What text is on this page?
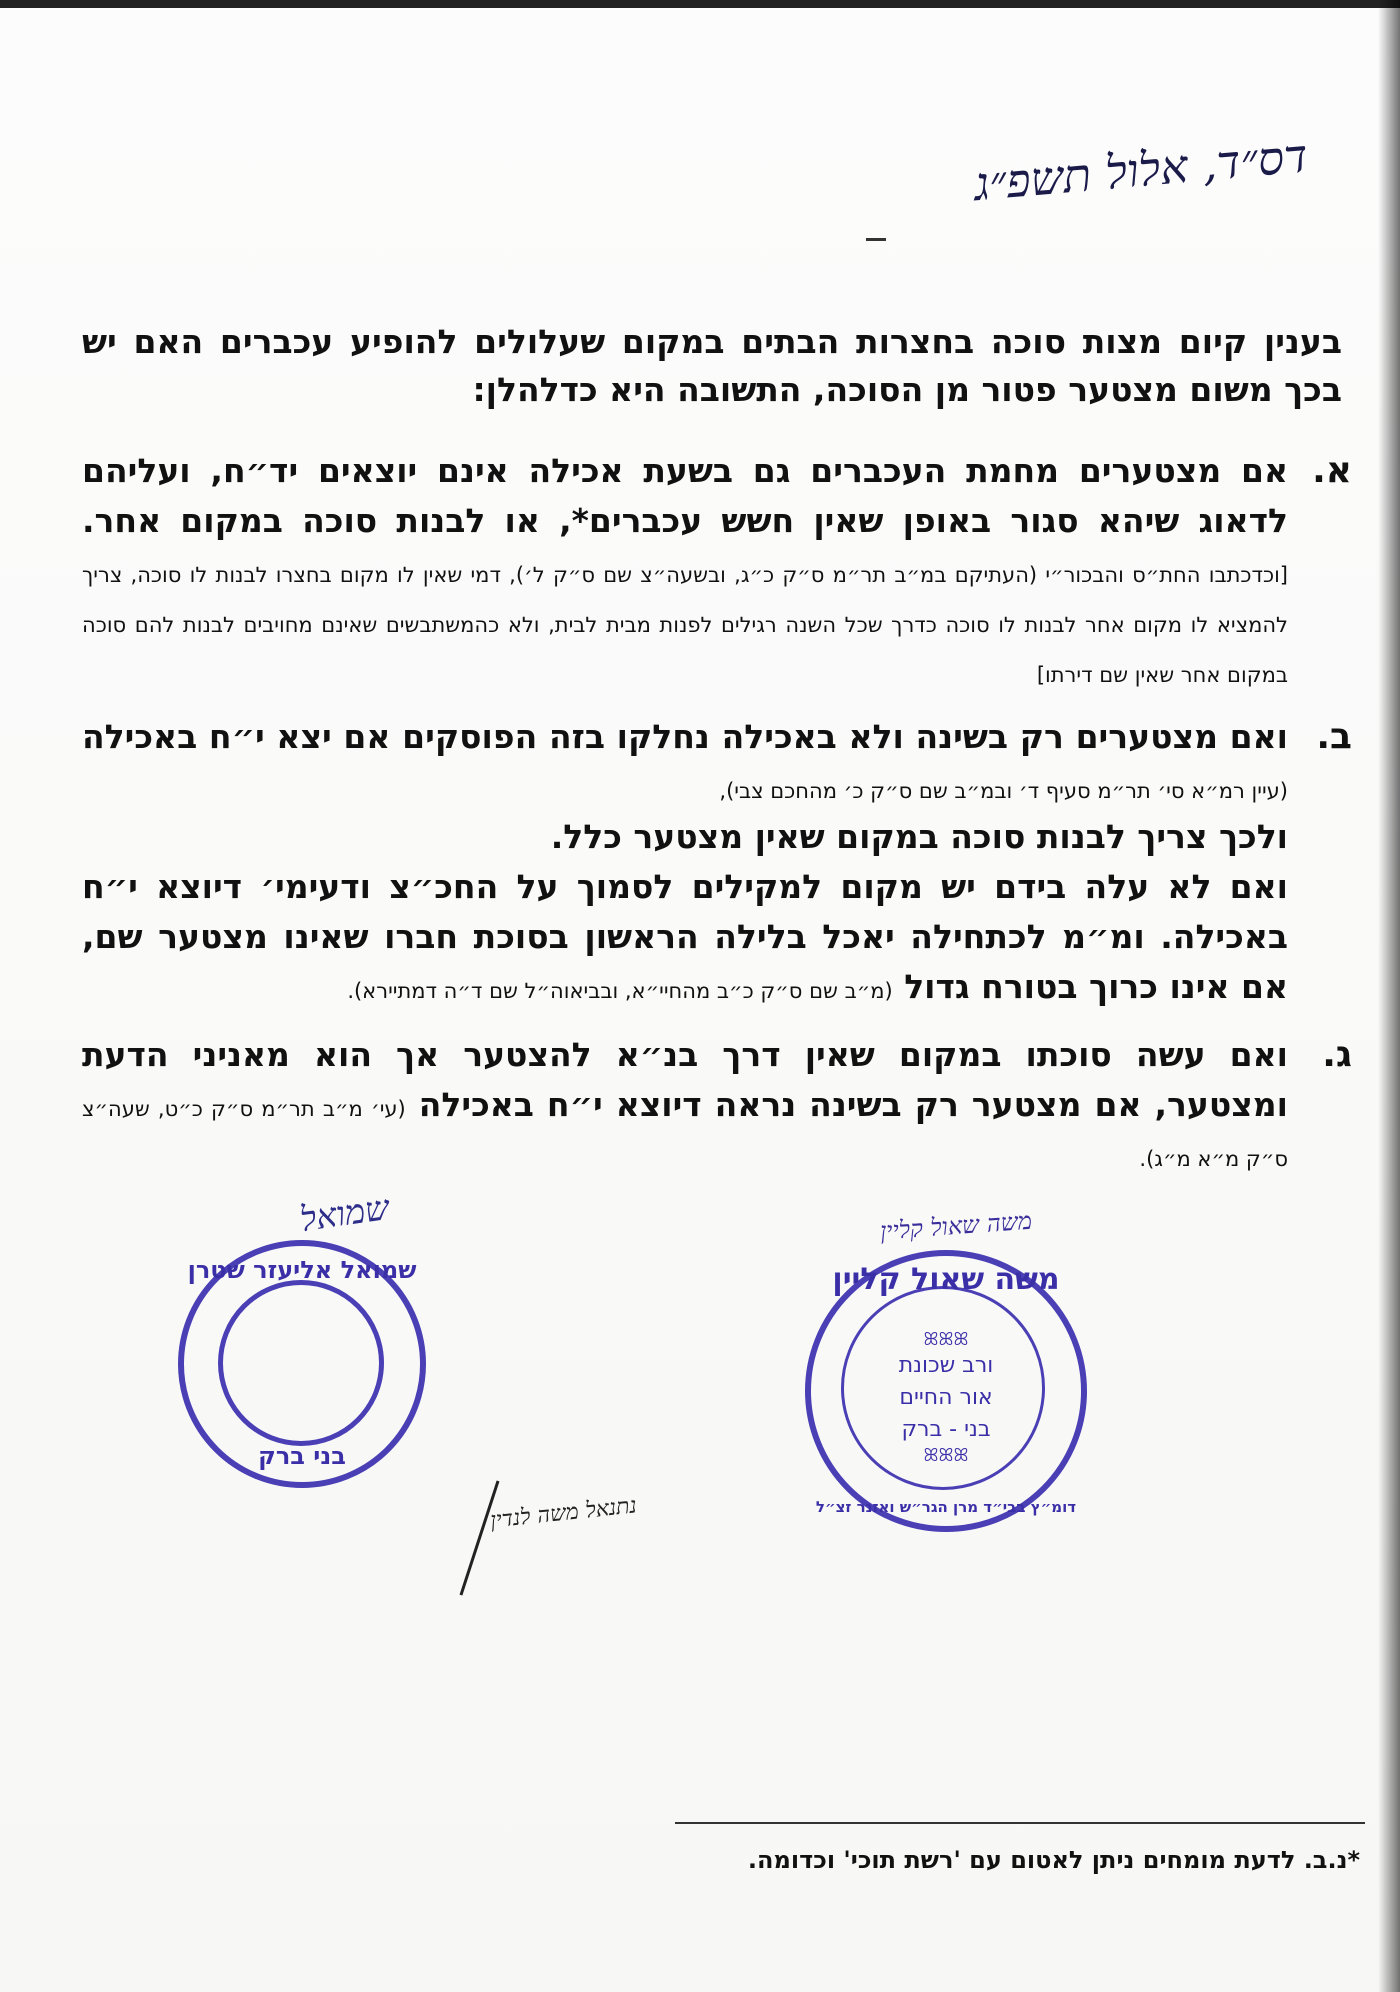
דס״ד, אלול תשפ״ג
בענין קיום מצות סוכה בחצרות הבתים במקום שעלולים להופיע עכברים האם יש בכך משום מצטער פטור מן הסוכה, התשובה היא כדלהלן:
א.
אם מצטערים מחמת העכברים גם בשעת אכילה אינם יוצאים יד״ח, ועליהם לדאוג שיהא סגור באופן שאין חשש עכברים*, או לבנות סוכה במקום אחר. [וכדכתבו החת״ס והבכור״י (העתיקם במ״ב תר״מ ס״ק כ״ג, ובשעה״צ שם ס״ק ל׳), דמי שאין לו מקום בחצרו לבנות לו סוכה, צריך להמציא לו מקום אחר לבנות לו סוכה כדרך שכל השנה רגילים לפנות מבית לבית, ולא כהמשתבשים שאינם מחויבים לבנות להם סוכה במקום אחר שאין שם דירתו]
ב.
ואם מצטערים רק בשינה ולא באכילה נחלקו בזה הפוסקים אם יצא י״ח באכילה (עיין רמ״א סי׳ תר״מ סעיף ד׳ ובמ״ב שם ס״ק כ׳ מהחכם צבי),
ולכך צריך לבנות סוכה במקום שאין מצטער כלל.
ואם לא עלה בידם יש מקום למקילים לסמוך על החכ״צ ודעימי׳ דיוצא י״ח באכילה. ומ״מ לכתחילה יאכל בלילה הראשון בסוכת חברו שאינו מצטער שם, אם אינו כרוך בטורח גדול (מ״ב שם ס״ק כ״ב מהחיי״א, ובביאוה״ל שם ד״ה דמתיירא).
ג.
ואם עשה סוכתו במקום שאין דרך בנ״א להצטער אך הוא מאניני הדעת ומצטער, אם מצטער רק בשינה נראה דיוצא י״ח באכילה (עי׳ מ״ב תר״מ ס״ק כ״ט, שעה״צ ס״ק מ״א מ״ג).
שמואל	משה שאול קליין
נתנאל משה לנדין
שמואל אליעזר שטרן
בני ברק
משה שאול קליין
ꕤꕤꕤ
ורב שכונת
אור החיים
בני - ברק
ꕤꕤꕤ
דומ״ץ בבי״ד מרן הגר״ש ואזנר זצ״ל
*נ.ב. לדעת מומחים ניתן לאטום עם 'רשת תוכי' וכדומה.
